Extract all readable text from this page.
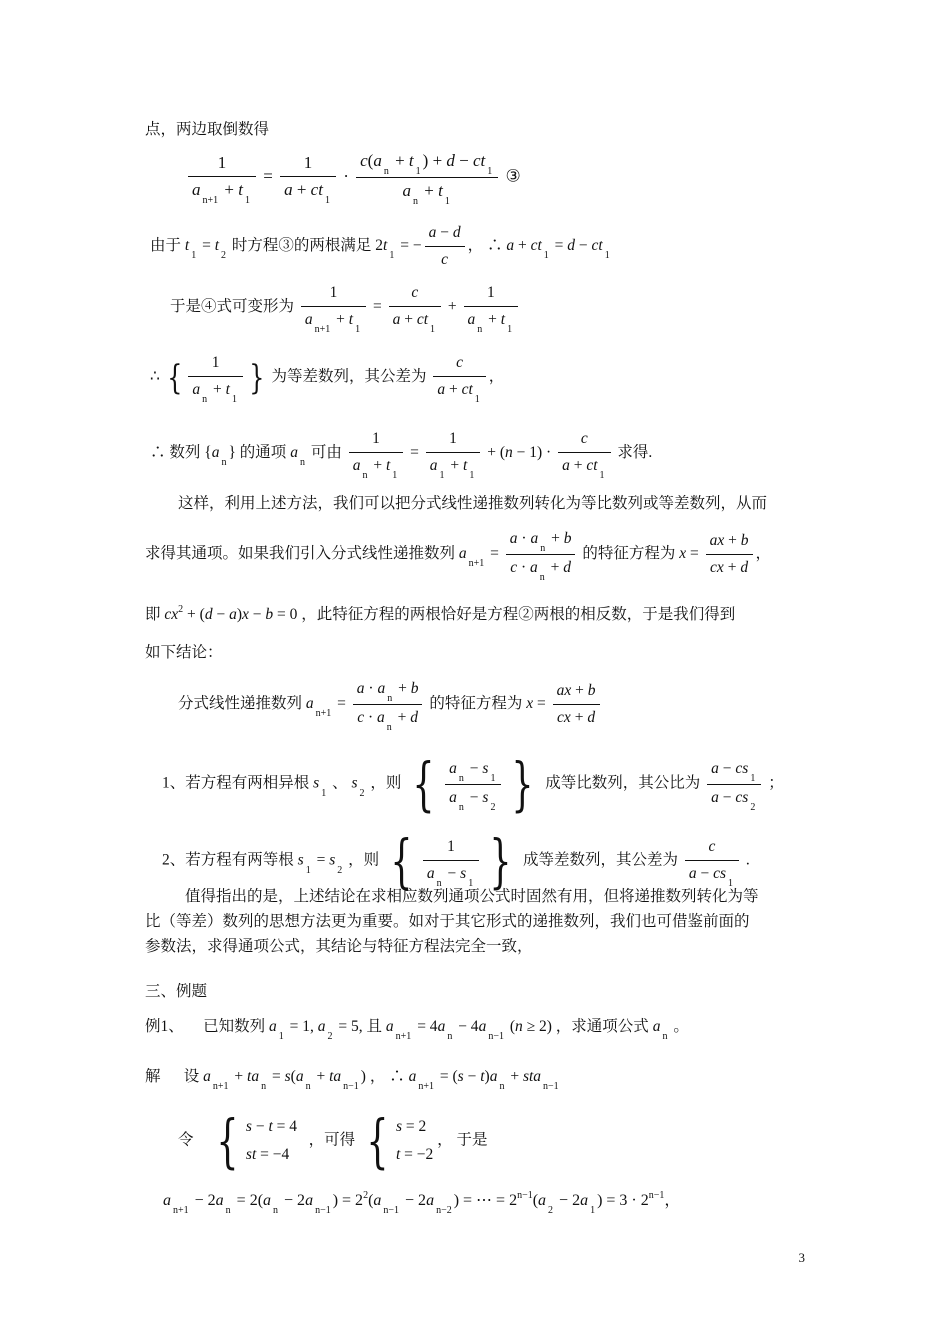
点，两边取倒数得
$\frac{1}{a_{n+1} + t_1} = \frac{1}{a + ct_1} \cdot \frac{c(a_n + t_1) + d - ct_1}{a_n + t_1}$ ③
由于 $t_1 = t_2$ 时方程③的两根满足 $2t_1$ = − $\frac{a - d}{c}$ ， ∴ $a + ct_1 = d - ct_1$
于是④式可变形为 $\frac{1}{a_{n+1} + t_1} = \frac{c}{a + ct_1} + \frac{1}{a_n + t_1}$
∴ { $\frac{1}{a_n + t_1}$ } 为等差数列，其公差为 $\frac{c}{a + ct_1}$ ，
∴ 数列 $\{a_n\}$ 的通项 $a_n$ 可由 $\frac{1}{a_n + t_1} = \frac{1}{a_1 + t_1} + (n - 1) \cdot \frac{c}{a + ct_1}$ 求得.
这样，利用上述方法，我们可以把分式线性递推数列转化为等比数列或等差数列，从而
求得其通项。如果我们引入分式线性递推数列 $a_{n+1} = \frac{a \cdot a_n + b}{c \cdot a_n + d}$ 的特征方程为 $x = \frac{ax + b}{cx + d}$ ，
即 $cx^2 + (d - a)x - b = 0$ ，此特征方程的两根恰好是方程②两根的相反数，于是我们得到
如下结论：
分式线性递推数列 $a_{n+1} = \frac{a \cdot a_n + b}{c \cdot a_n + d}$ 的特征方程为 $x = \frac{ax + b}{cx + d}$
1、若方程有两相异根 $s_1$ 、 $s_2$ ，则 { $\frac{a_n - s_1}{a_n - s_2}$ } 成等比数列，其公比为 $\frac{a - cs_1}{a - cs_2}$ ；
2、若方程有两等根 $s_1 = s_2$ ，则 { $\frac{1}{a_n - s_1}$ } 成等差数列，其公差为 $\frac{c}{a - cs_1}$ .
值得指出的是，上述结论在求相应数列通项公式时固然有用，但将递推数列转化为等
比（等差）数列的思想方法更为重要。如对于其它形式的递推数列，我们也可借鉴前面的
参数法，求得通项公式，其结论与特征方程法完全一致，
三、例题
例1、 已知数列 $a_1 = 1$, $a_2 = 5$, 且 $a_{n+1} = 4a_n - 4a_{n-1}$ (n ≥ 2) ，求通项公式 $a_n$ 。
解 设 $a_{n+1} + ta_n = s(a_n + ta_{n-1})$ ， ∴ $a_{n+1} = (s - t)a_n + sta_{n-1}$
令 { s − t = 4
st = −4
，可得 { s = 2
t = −2
， 于是
$a_{n+1} - 2a_n = 2(a_n - 2a_{n-1}) = 2^2(a_{n-1} - 2a_{n-2})$ = ⋯ = $2^{n-1}(a_2 - 2a_1) = 3 \cdot 2^{n-1}$，
3
